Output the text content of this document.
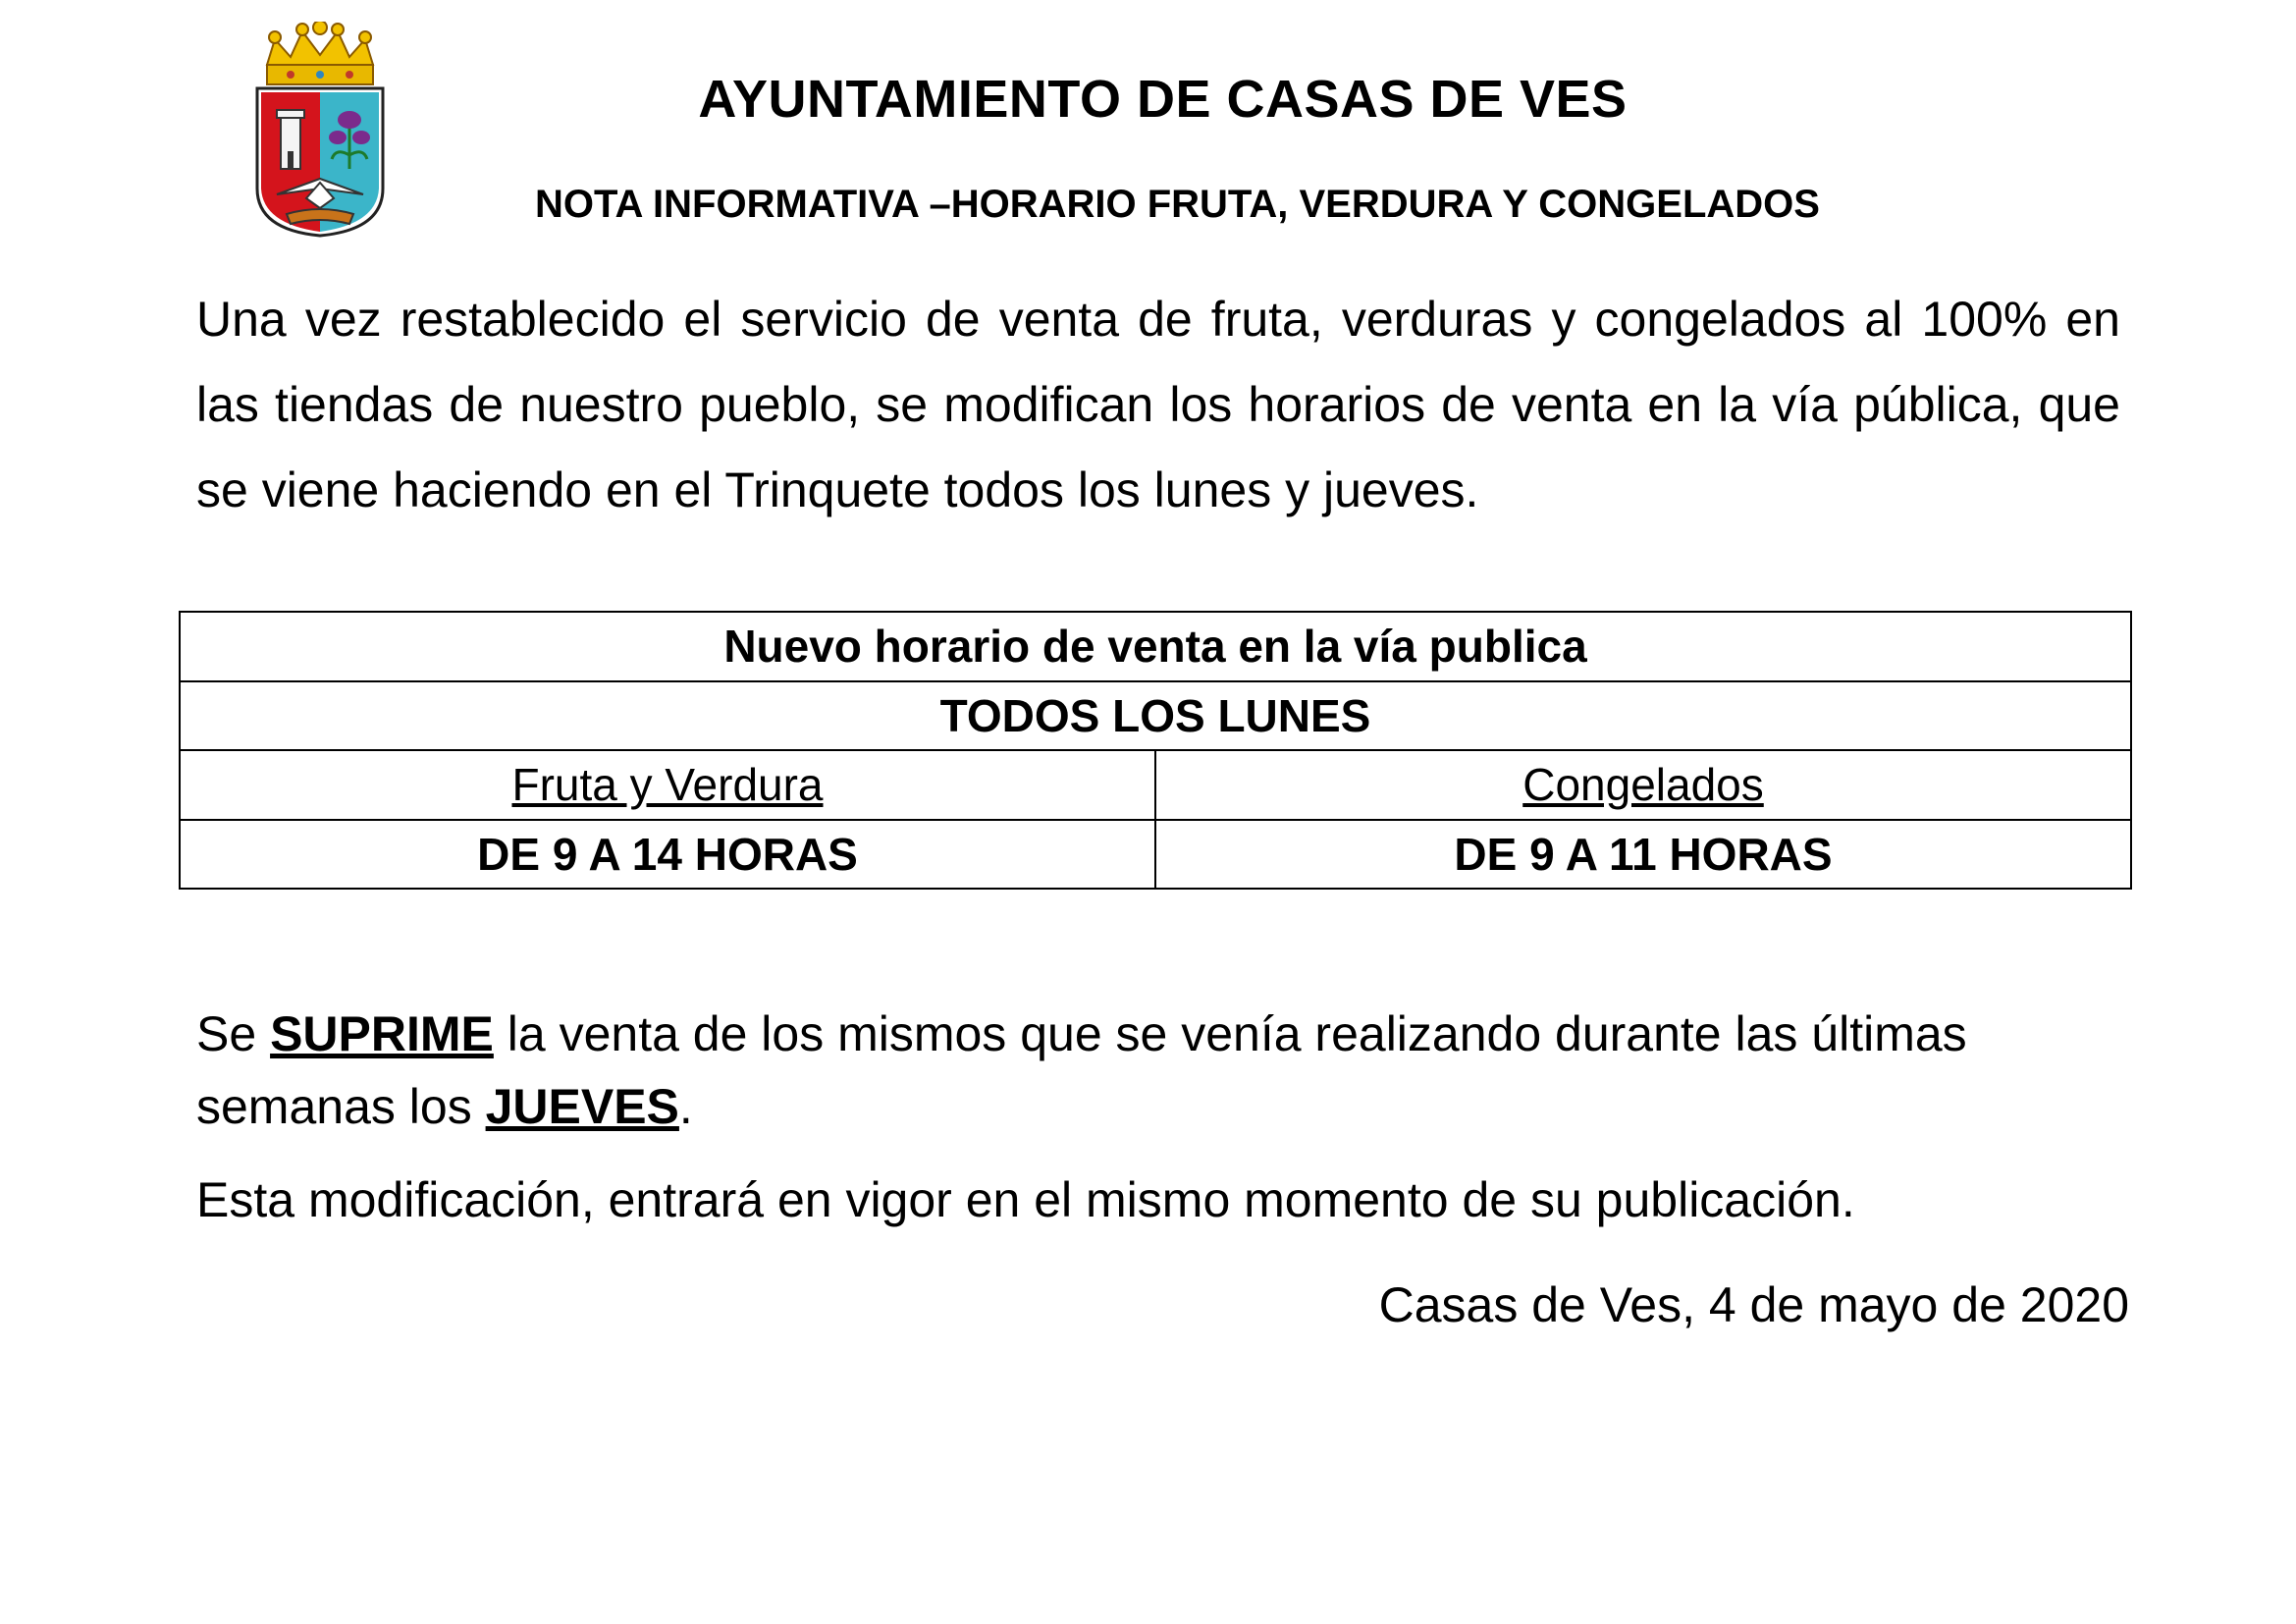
AYUNTAMIENTO DE CASAS DE VES
NOTA INFORMATIVA –HORARIO FRUTA, VERDURA Y CONGELADOS
Una vez restablecido el servicio de venta de fruta, verduras y congelados al 100% en las tiendas de nuestro pueblo, se modifican los horarios de venta en la vía pública, que se viene haciendo en el Trinquete todos los lunes y jueves.
Nuevo horario de venta en la vía publica	
TODOS LOS LUNES	
Fruta y Verdura	Congelados
DE 9 A 14 HORAS	DE 9 A 11 HORAS
Se SUPRIME la venta de los mismos que se venía realizando durante las últimas semanas los JUEVES.
Esta modificación, entrará en vigor en el mismo momento de su publicación.
Casas de Ves, 4 de mayo de 2020
